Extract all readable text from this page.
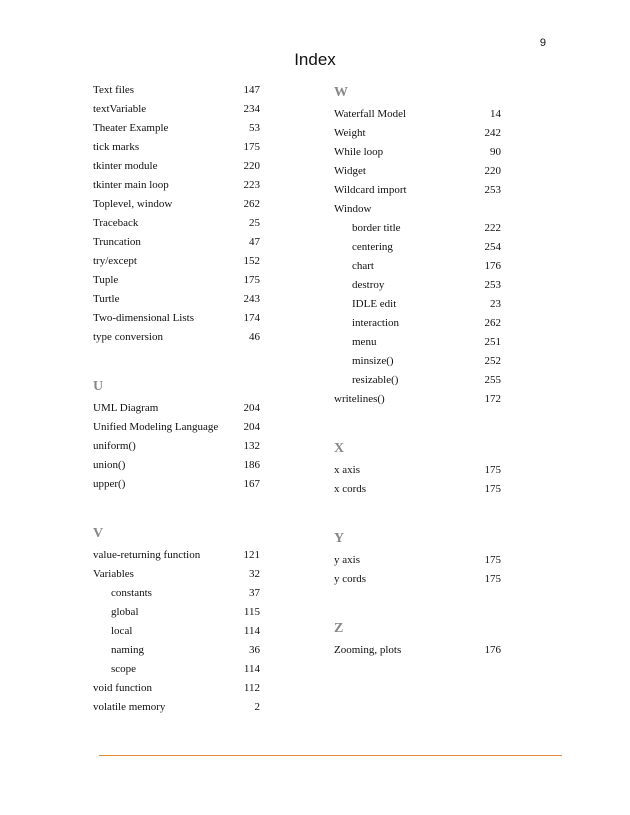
9
Index
Text files	147
textVariable	234
Theater Example	53
tick marks	175
tkinter module	220
tkinter main loop	223
Toplevel, window	262
Traceback	25
Truncation	47
try/except	152
Tuple	175
Turtle	243
Two-dimensional Lists	174
type conversion	46
U
UML Diagram	204
Unified Modeling Language 204
uniform()	132
union()	186
upper()	167
V
value-returning function	121
Variables	32
constants	37
global	115
local	114
naming	36
scope	114
void function	112
volatile memory	2
W
Waterfall Model	14
Weight	242
While loop	90
Widget	220
Wildcard import	253
Window
border title	222
centering	254
chart	176
destroy	253
IDLE edit	23
interaction	262
menu	251
minsize()	252
resizable()	255
writelines()	172
X
x axis	175
x cords	175
Y
y axis	175
y cords	175
Z
Zooming, plots	176
